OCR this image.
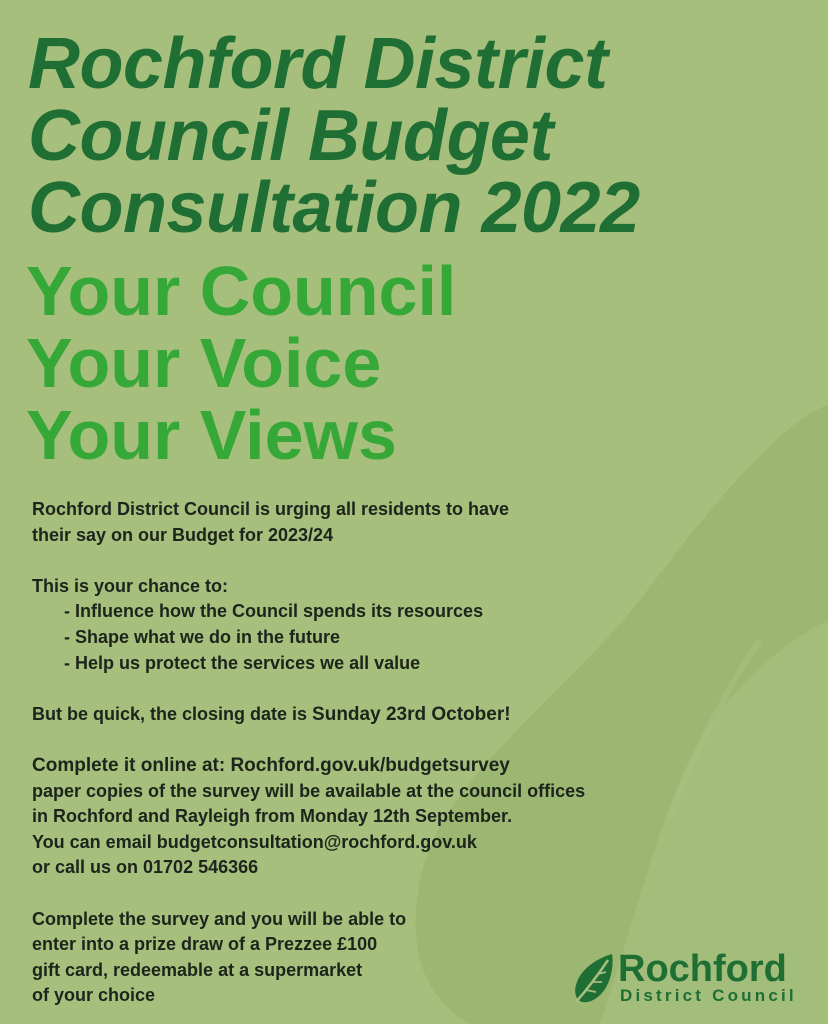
Rochford District
Council Budget
Consultation 2022
Your Council
Your Voice
Your Views

Rochford District Council is urging all residents to have

their say on our Budget for 2023/24

This is your chance to:

- Influence how the Council spends its resources
- Shape what we do in the future
- Help us protect the services we all value

But be quick, the closing date is Sunday 23rd October!

Complete it online at: Rochford.gov.uk/budgetsurvey

paper copies of the survey will be available at the council offices

in Rochford and Rayleigh from Monday 12th September.

You can email budgetconsultation@rochford.gov.uk

or call us on 01702 546366

Complete the survey and you will be able to

enter into a prize draw of a Prezzee £100

gift card, redeemable at a supermarket

of your choice

Rochford
District Council
